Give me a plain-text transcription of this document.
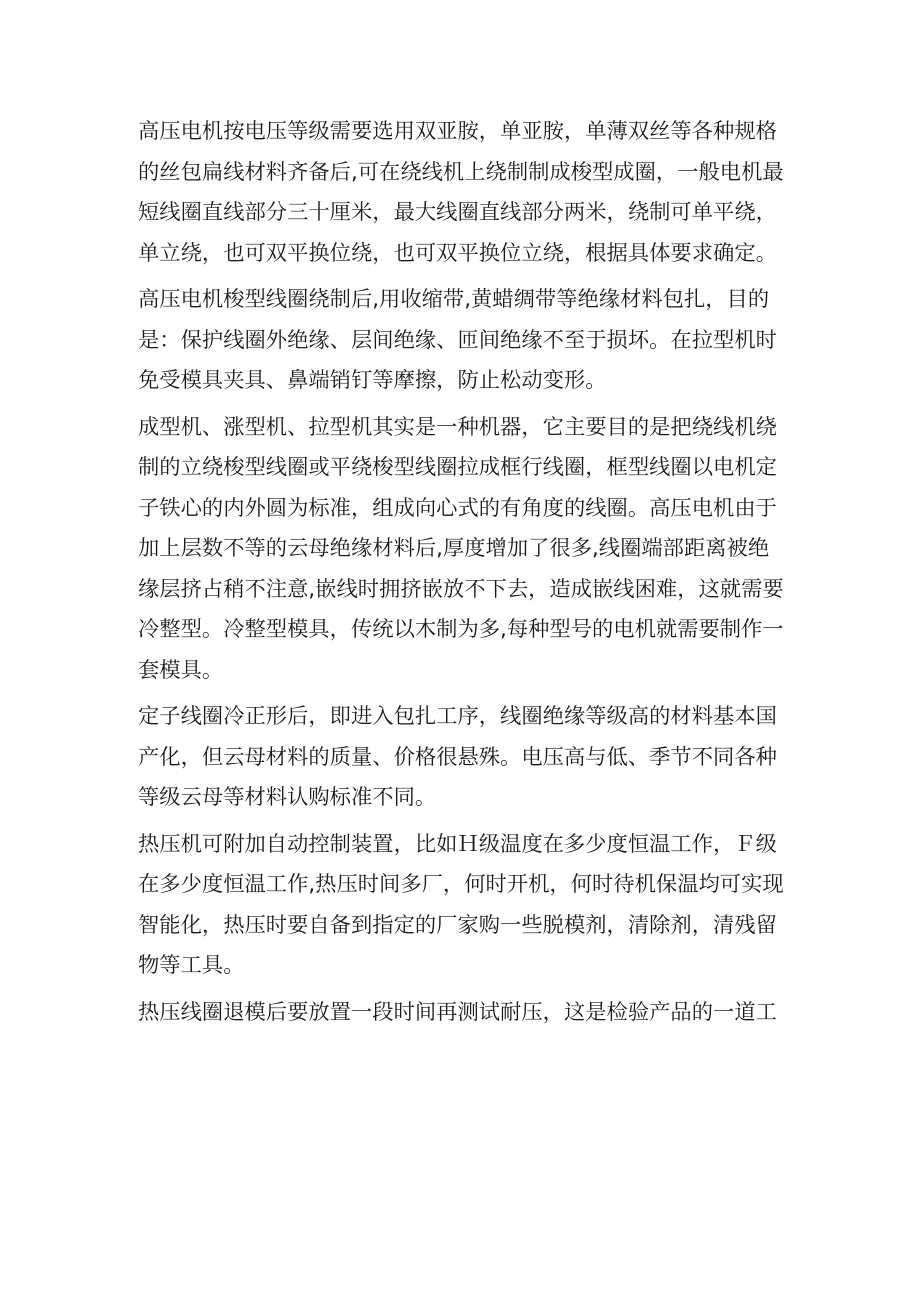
高压电机按电压等级需要选用双亚胺，单亚胺，单薄双丝等各种规格
的丝包扁线材料齐备后,可在绕线机上绕制制成梭型成圈，一般电机最
短线圈直线部分三十厘米，最大线圈直线部分两米，绕制可单平绕，
单立绕，也可双平换位绕，也可双平换位立绕，根据具体要求确定。

高压电机梭型线圈绕制后,用收缩带,黄蜡绸带等绝缘材料包扎，目的
是：保护线圈外绝缘、层间绝缘、匝间绝缘不至于损坏。在拉型机时
免受模具夹具、鼻端销钉等摩擦，防止松动变形。

成型机、涨型机、拉型机其实是一种机器，它主要目的是把绕线机绕
制的立绕梭型线圈或平绕梭型线圈拉成框行线圈，框型线圈以电机定
子铁心的内外圆为标准，组成向心式的有角度的线圈。高压电机由于
加上层数不等的云母绝缘材料后,厚度增加了很多,线圈端部距离被绝
缘层挤占稍不注意,嵌线时拥挤嵌放不下去，造成嵌线困难，这就需要
冷整型。冷整型模具，传统以木制为多,每种型号的电机就需要制作一
套模具。

定子线圈冷正形后，即进入包扎工序，线圈绝缘等级高的材料基本国
产化，但云母材料的质量、价格很悬殊。电压高与低、季节不同各种
等级云母等材料认购标准不同。

热压机可附加自动控制装置，比如Ｈ级温度在多少度恒温工作，Ｆ级
在多少度恒温工作,热压时间多厂，何时开机，何时待机保温均可实现
智能化，热压时要自备到指定的厂家购一些脱模剂，清除剂，清残留
物等工具。

热压线圈退模后要放置一段时间再测试耐压，这是检验产品的一道工
